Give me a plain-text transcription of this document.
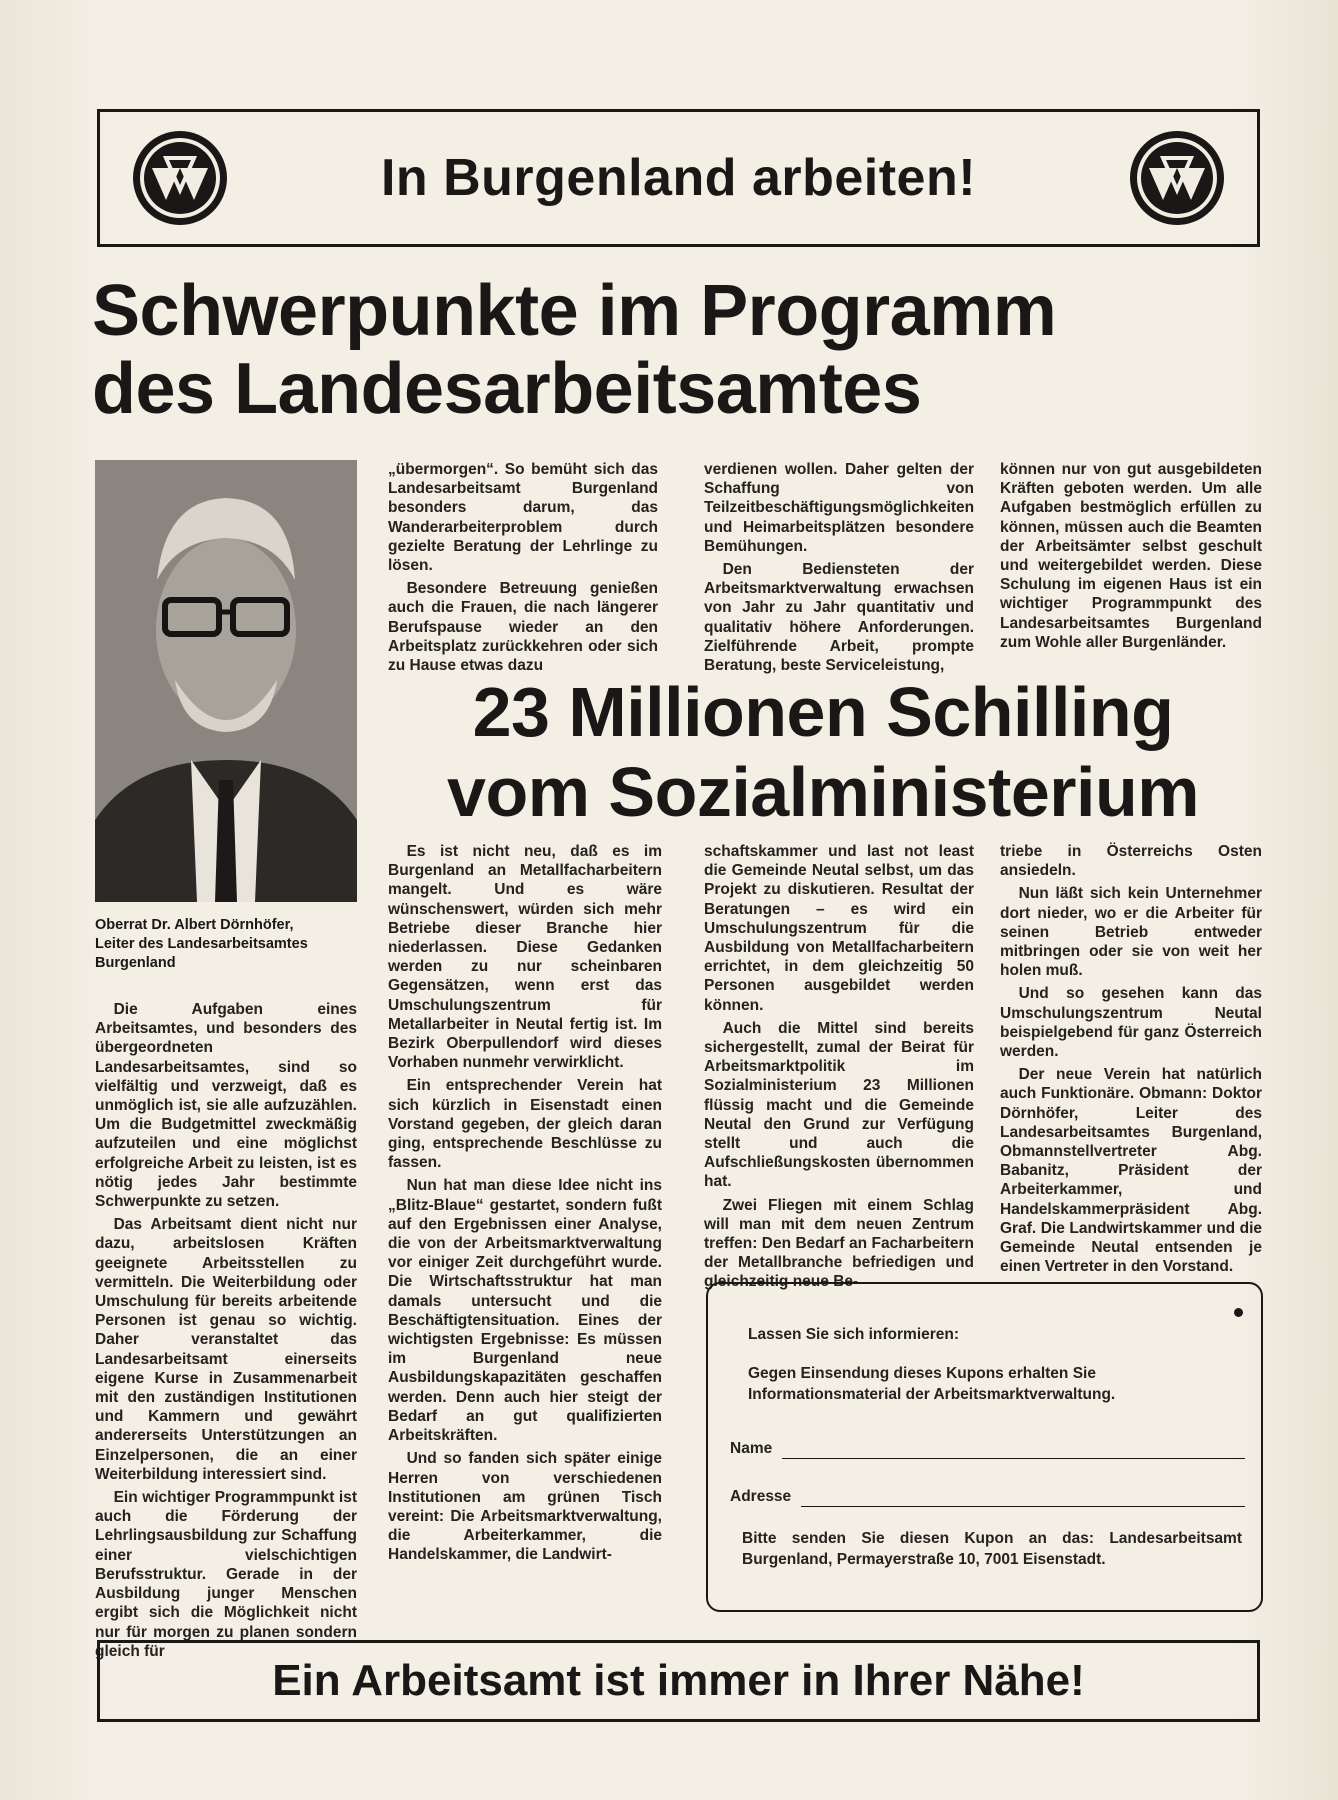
In Burgenland arbeiten!
Schwerpunkte im Programm
des Landesarbeitsamtes
Oberrat Dr. Albert Dörnhöfer,
Leiter des Landesarbeitsamtes
Burgenland

Die Aufgaben eines Arbeitsamtes, und besonders des übergeordneten Landesarbeitsamtes, sind so vielfältig und verzweigt, daß es unmöglich ist, sie alle aufzuzählen. Um die Budgetmittel zweckmäßig aufzuteilen und eine möglichst erfolgreiche Arbeit zu leisten, ist es nötig jedes Jahr bestimmte Schwerpunkte zu setzen.

Das Arbeitsamt dient nicht nur dazu, arbeitslosen Kräften geeignete Arbeitsstellen zu vermitteln. Die Weiterbildung oder Umschulung für bereits arbeitende Personen ist genau so wichtig. Daher veranstaltet das Landesarbeitsamt einerseits eigene Kurse in Zusammenarbeit mit den zuständigen Institutionen und Kammern und gewährt andererseits Unterstützungen an Einzelpersonen, die an einer Weiterbildung interessiert sind.

Ein wichtiger Programmpunkt ist auch die Förderung der Lehrlingsausbildung zur Schaffung einer vielschichtigen Berufsstruktur. Gerade in der Ausbildung junger Menschen ergibt sich die Möglichkeit nicht nur für morgen zu planen sondern gleich für

„übermorgen“. So bemüht sich das Landesarbeitsamt Burgenland besonders darum, das Wanderarbeiterproblem durch gezielte Beratung der Lehrlinge zu lösen.

Besondere Betreuung genießen auch die Frauen, die nach längerer Berufspause wieder an den Arbeitsplatz zurückkehren oder sich zu Hause etwas dazu

verdienen wollen. Daher gelten der Schaffung von Teilzeitbeschäftigungsmöglichkeiten und Heimarbeitsplätzen besondere Bemühungen.

Den Bediensteten der Arbeitsmarktverwaltung erwachsen von Jahr zu Jahr quantitativ und qualitativ höhere Anforderungen. Zielführende Arbeit, prompte Beratung, beste Serviceleistung,

können nur von gut ausgebildeten Kräften geboten werden. Um alle Aufgaben bestmöglich erfüllen zu können, müssen auch die Beamten der Arbeitsämter selbst geschult und weitergebildet werden. Diese Schulung im eigenen Haus ist ein wichtiger Programmpunkt des Landesarbeitsamtes Burgenland zum Wohle aller Burgenländer.

23 Millionen Schilling
vom Sozialministerium

Es ist nicht neu, daß es im Burgenland an Metallfacharbeitern mangelt. Und es wäre wünschenswert, würden sich mehr Betriebe dieser Branche hier niederlassen. Diese Gedanken werden zu nur scheinbaren Gegensätzen, wenn erst das Umschulungszentrum für Metallarbeiter in Neutal fertig ist. Im Bezirk Oberpullendorf wird dieses Vorhaben nunmehr verwirklicht.

Ein entsprechender Verein hat sich kürzlich in Eisenstadt einen Vorstand gegeben, der gleich daran ging, entsprechende Beschlüsse zu fassen.

Nun hat man diese Idee nicht ins „Blitz-Blaue“ gestartet, sondern fußt auf den Ergebnissen einer Analyse, die von der Arbeitsmarktverwaltung vor einiger Zeit durchgeführt wurde. Die Wirtschaftsstruktur hat man damals untersucht und die Beschäftigtensituation. Eines der wichtigsten Ergebnisse: Es müssen im Burgenland neue Ausbildungskapazitäten geschaffen werden. Denn auch hier steigt der Bedarf an gut qualifizierten Arbeitskräften.

Und so fanden sich später einige Herren von verschiedenen Institutionen am grünen Tisch vereint: Die Arbeitsmarktverwaltung, die Arbeiterkammer, die Handelskammer, die Landwirt-

schaftskammer und last not least die Gemeinde Neutal selbst, um das Projekt zu diskutieren. Resultat der Beratungen – es wird ein Umschulungszentrum für die Ausbildung von Metallfacharbeitern errichtet, in dem gleichzeitig 50 Personen ausgebildet werden können.

Auch die Mittel sind bereits sichergestellt, zumal der Beirat für Arbeitsmarktpolitik im Sozialministerium 23 Millionen flüssig macht und die Gemeinde Neutal den Grund zur Verfügung stellt und auch die Aufschließungskosten übernommen hat.

Zwei Fliegen mit einem Schlag will man mit dem neuen Zentrum treffen: Den Bedarf an Facharbeitern der Metallbranche befriedigen und gleichzeitig neue Be-

triebe in Österreichs Osten ansiedeln.

Nun läßt sich kein Unternehmer dort nieder, wo er die Arbeiter für seinen Betrieb entweder mitbringen oder sie von weit her holen muß.

Und so gesehen kann das Umschulungszentrum Neutal beispielgebend für ganz Österreich werden.

Der neue Verein hat natürlich auch Funktionäre. Obmann: Doktor Dörnhöfer, Leiter des Landesarbeitsamtes Burgenland, Obmannstellvertreter Abg. Babanitz, Präsident der Arbeiterkammer, und Handelskammerpräsident Abg. Graf. Die Landwirtskammer und die Gemeinde Neutal entsenden je einen Vertreter in den Vorstand.

Lassen Sie sich informieren:
Gegen Einsendung dieses Kupons erhalten Sie Informationsmaterial der Arbeitsmarktverwaltung.
Name
Adresse
Bitte senden Sie diesen Kupon an das: Landesarbeitsamt Burgenland, Permayerstraße 10, 7001 Eisenstadt.
Ein Arbeitsamt ist immer in Ihrer Nähe!
